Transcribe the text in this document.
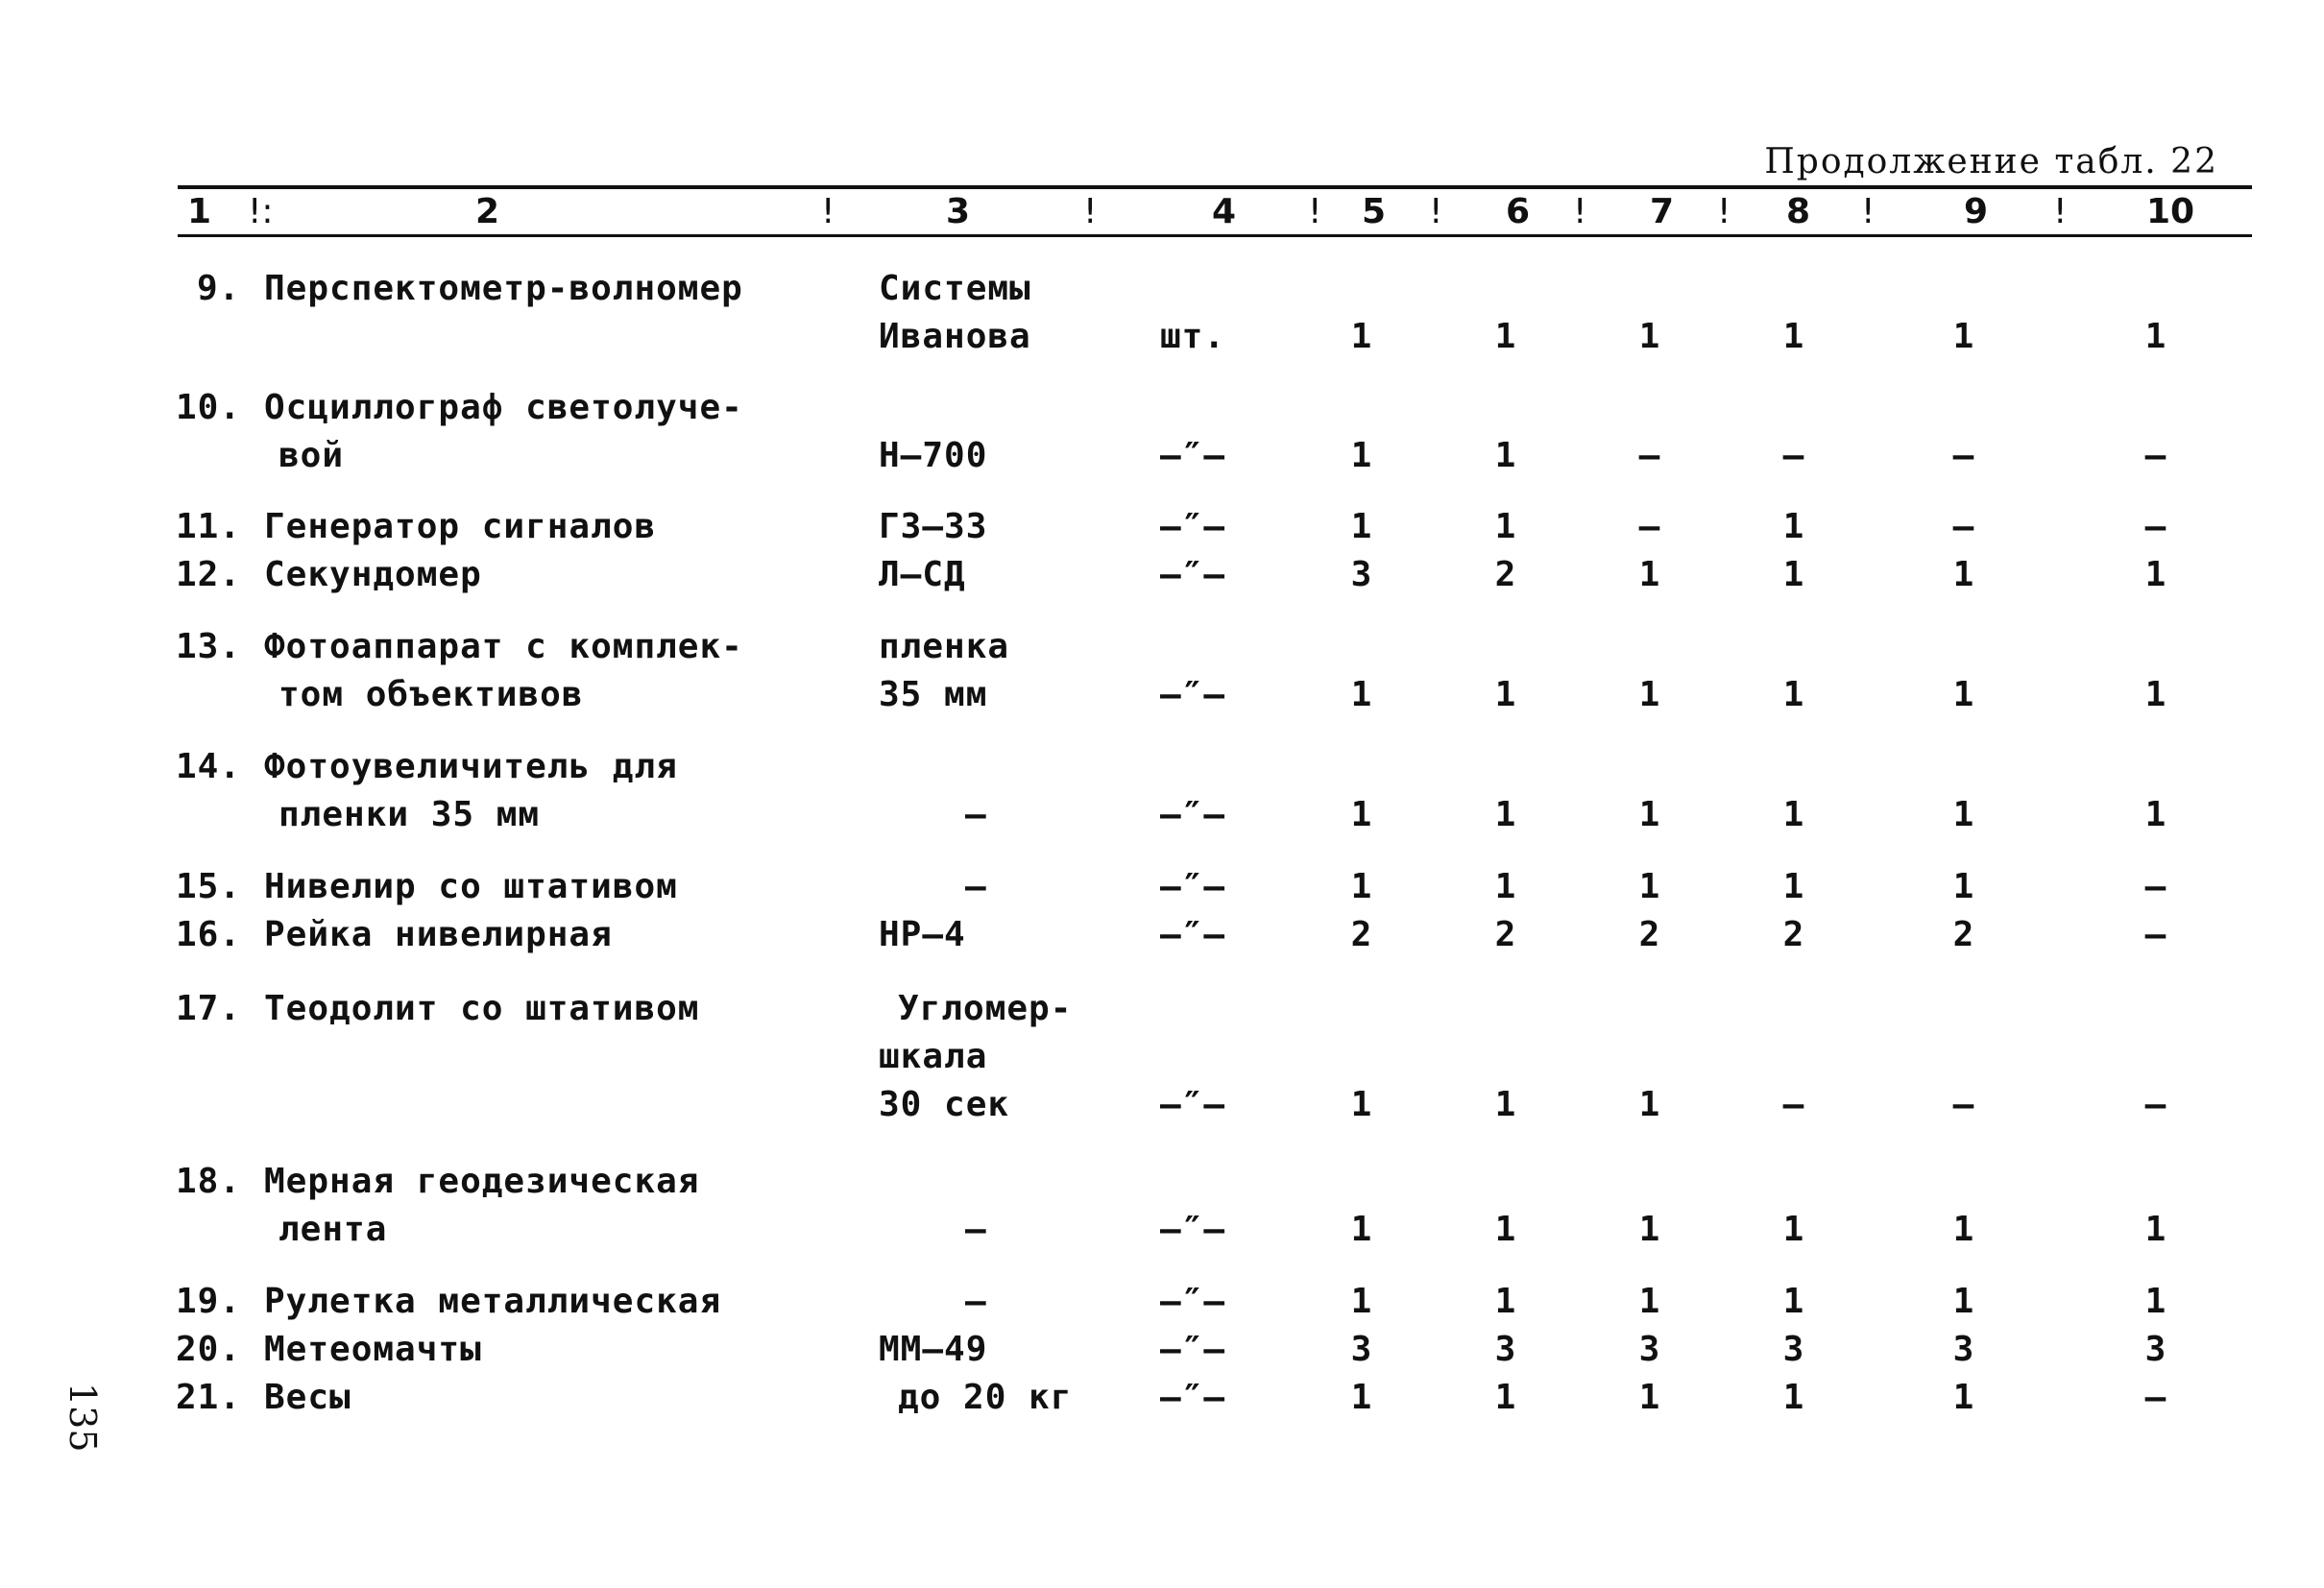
Продолжение табл. 22
1	2	3	4	5	6	7	8	9	10
!:	!	!	!	!	!	!	!	!
9. Перспектометр-волномер	Системы
Иванова	шт.	1	1	1	1	1	1
10. Осциллограф светолуче-
вой	Н–700	–″–	1	1	–	–	–	–
11. Генератор сигналов	Г3–33	–″–	1	1	–	1	–	–
12. Секундомер	Л–СД	–″–	3	2	1	1	1	1
13. Фотоаппарат с комплек-
том объективов
пленка
35 мм	–″–	1	1	1	1	1	1
14. Фотоувеличитель для
пленки 35 мм	–	–″–	1	1	1	1	1	1
15. Нивелир со штативом	–	–″–	1	1	1	1	1	–
16. Рейка нивелирная	НР–4	–″–	2	2	2	2	2	–
17. Теодолит со штативом	Угломер-
шкала
30 сек	–″–	1	1	1	–	–	–
18. Мерная геодезическая
лента	–	–″–	1	1	1	1	1	1
19. Рулетка металлическая	–	–″–	1	1	1	1	1	1
20. Метеомачты	ММ–49	–″–	3	3	3	3	3	3
21. Весы	до 20 кг	–″–	1	1	1	1	1	–
135
